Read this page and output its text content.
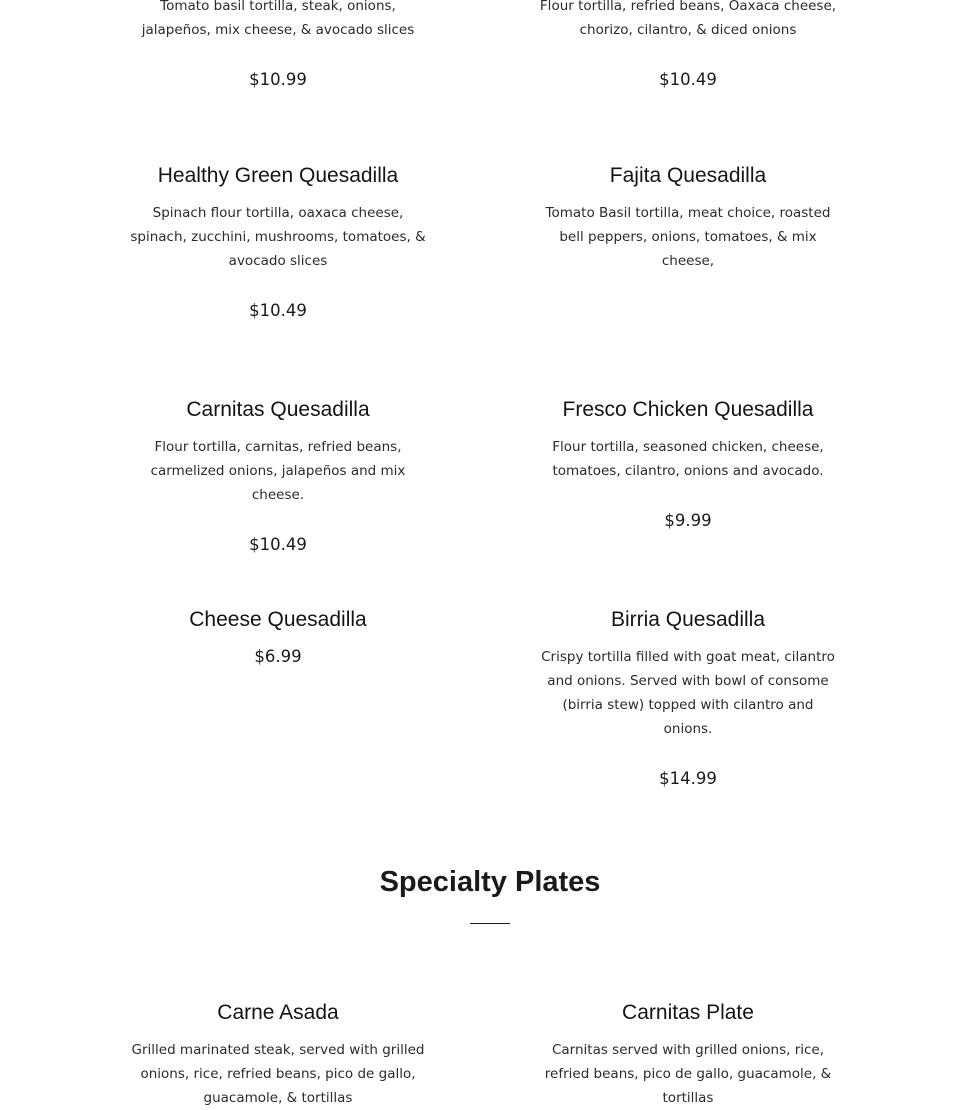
Tomato basil tortilla, steak, onions, jalapeños, mix cheese, & avocado slices

$10.99

Flour tortilla, refried beans, Oaxaca cheese, chorizo, cilantro, & diced onions

$10.49
Healthy Green Quesadilla

Spinach flour tortilla, oaxaca cheese, spinach, zucchini, mushrooms, tomatoes, & avocado slices

$10.49
Fajita Quesadilla

Tomato Basil tortilla, meat choice, roasted bell peppers, onions, tomatoes, & mix cheese,

Carnitas Quesadilla

Flour tortilla, carnitas, refried beans, carmelized onions, jalapeños and mix cheese.

$10.49
Fresco Chicken Quesadilla

Flour tortilla, seasoned chicken, cheese, tomatoes, cilantro, onions and avocado.

$9.99
Cheese Quesadilla
$6.99
Birria Quesadilla

Crispy tortilla filled with goat meat, cilantro and onions. Served with bowl of consome (birria stew) topped with cilantro and onions.

$14.99
Specialty Plates
Carne Asada

Grilled marinated steak, served with grilled onions, rice, refried beans, pico de gallo, guacamole, & tortillas

Carnitas Plate

Carnitas served with grilled onions, rice, refried beans, pico de gallo, guacamole, & tortillas
